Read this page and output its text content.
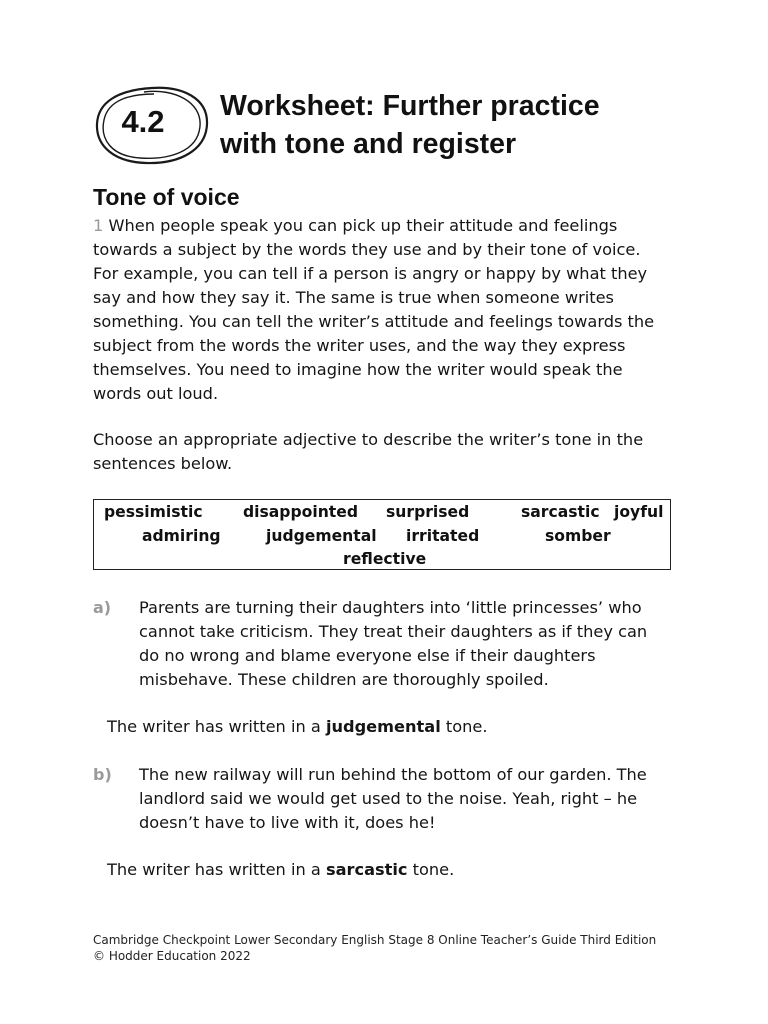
4.2	Worksheet: Further practice
with tone and register
Tone of voice
1 When people speak you can pick up their attitude and feelings
towards a subject by the words they use and by their tone of voice.
For example, you can tell if a person is angry or happy by what they
say and how they say it. The same is true when someone writes
something. You can tell the writer’s attitude and feelings towards the
subject from the words the writer uses, and the way they express
themselves. You need to imagine how the writer would speak the
words out loud.
Choose an appropriate adjective to describe the writer’s tone in the
sentences below.
pessimistic	disappointed surprised	sarcastic joyful
admiring	judgemental irritated	somber
reflective
a) Parents are turning their daughters into ‘little princesses’ who
cannot take criticism. They treat their daughters as if they can
do no wrong and blame everyone else if their daughters
misbehave. These children are thoroughly spoiled.
The writer has written in a judgemental tone.
b) The new railway will run behind the bottom of our garden. The
landlord said we would get used to the noise. Yeah, right – he
doesn’t have to live with it, does he!
The writer has written in a sarcastic tone.
Cambridge Checkpoint Lower Secondary English Stage 8 Online Teacher’s Guide Third Edition
© Hodder Education 2022
